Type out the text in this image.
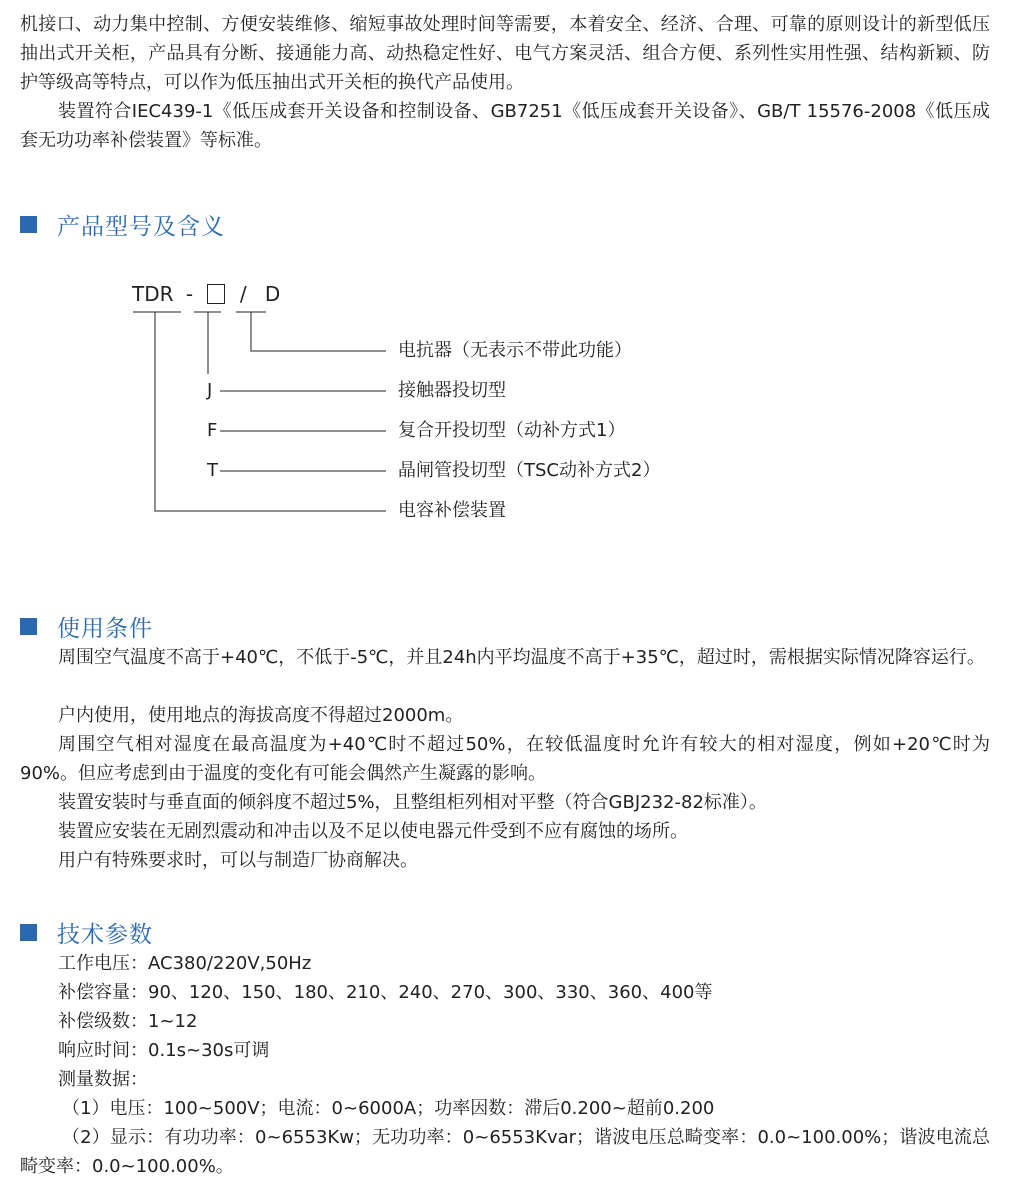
机接口、动力集中控制、方便安装维修、缩短事故处理时间等需要，本着安全、经济、合理、可靠的原则设计的新型低压抽出式开关柜，产品具有分断、接通能力高、动热稳定性好、电气方案灵活、组合方便、系列性实用性强、结构新颖、防护等级高等特点，可以作为低压抽出式开关柜的换代产品使用。

装置符合IEC439-1《低压成套开关设备和控制设备、GB7251《低压成套开关设备》、GB/T 15576-2008《低压成套无功功率补偿装置》等标准。

产品型号及含义
TDR - / D
电抗器（无表示不带此功能）
J	接触器投切型
F	复合开投切型（动补方式1）
T	晶闸管投切型（TSC动补方式2）
电容补偿装置
使用条件

周围空气温度不高于+40℃，不低于-5℃，并且24h内平均温度不高于+35℃，超过时，需根据实际情况降容运行。

户内使用，使用地点的海拔高度不得超过2000m。

周围空气相对湿度在最高温度为+40℃时不超过50%，在较低温度时允许有较大的相对湿度，例如+20℃时为90%。但应考虑到由于温度的变化有可能会偶然产生凝露的影响。

装置安装时与垂直面的倾斜度不超过5%，且整组柜列相对平整（符合GBJ232-82标准）。

装置应安装在无剧烈震动和冲击以及不足以使电器元件受到不应有腐蚀的场所。

用户有特殊要求时，可以与制造厂协商解决。

技术参数
工作电压：AC380/220V,50Hz
补偿容量：90、120、150、180、210、240、270、300、330、360、400等
补偿级数：1~12
响应时间：0.1s~30s可调
测量数据：
（1）电压：100~500V；电流：0~6000A；功率因数：滞后0.200~超前0.200

（2）显示：有功功率：0~6553Kw；无功功率：0~6553Kvar；谐波电压总畸变率：0.0~100.00%；谐波电流总畸变率：0.0~100.00%。
